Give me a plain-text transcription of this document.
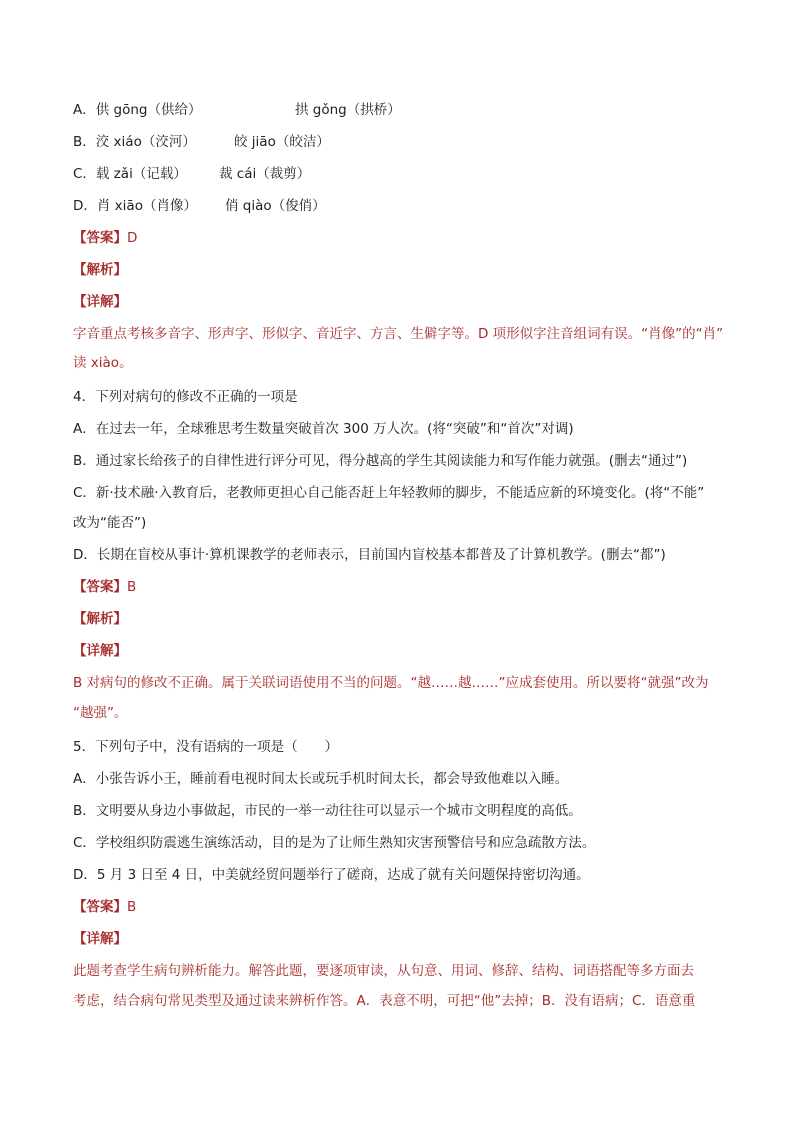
A．供 gōng（供给）	拱 gǒng（拱桥）
B．洨 xiáo（洨河）	皎 jiāo（皎洁）
C．载 zǎi（记载） 裁 cái（裁剪）
D．肖 xiāo（肖像） 俏 qiào（俊俏）
【答案】D
【解析】
【详解】
字音重点考核多音字、形声字、形似字、音近字、方言、生僻字等。D 项形似字注音组词有误。“肖像”的“肖”
读 xiào。
4．下列对病句的修改不正确的一项是
A．在过去一年，全球雅思考生数量突破首次 300 万人次。(将“突破”和“首次”对调)
B．通过家长给孩子的自律性进行评分可见，得分越高的学生其阅读能力和写作能力就强。(删去“通过”)
C．新·技术融·入教育后，老教师更担心自己能否赶上年轻教师的脚步，不能适应新的环境变化。(将“不能”
改为“能否”)
D．长期在盲校从事计·算机课教学的老师表示，目前国内盲校基本都普及了计算机教学。(删去“都”)
【答案】B
【解析】
【详解】
B 对病句的修改不正确。属于关联词语使用不当的问题。“越……越……”应成套使用。所以要将“就强”改为
“越强”。
5．下列句子中，没有语病的一项是（　　）
A．小张告诉小王，睡前看电视时间太长或玩手机时间太长，都会导致他难以入睡。
B．文明要从身边小事做起，市民的一举一动往往可以显示一个城市文明程度的高低。
C．学校组织防震逃生演练活动，目的是为了让师生熟知灾害预警信号和应急疏散方法。
D．5 月 3 日至 4 日，中美就经贸问题举行了磋商，达成了就有关问题保持密切沟通。
【答案】B
【详解】
此题考查学生病句辨析能力。解答此题，要逐项审读，从句意、用词、修辞、结构、词语搭配等多方面去
考虑，结合病句常见类型及通过读来辨析作答。A．表意不明，可把“他”去掉；B．没有语病；C．语意重
